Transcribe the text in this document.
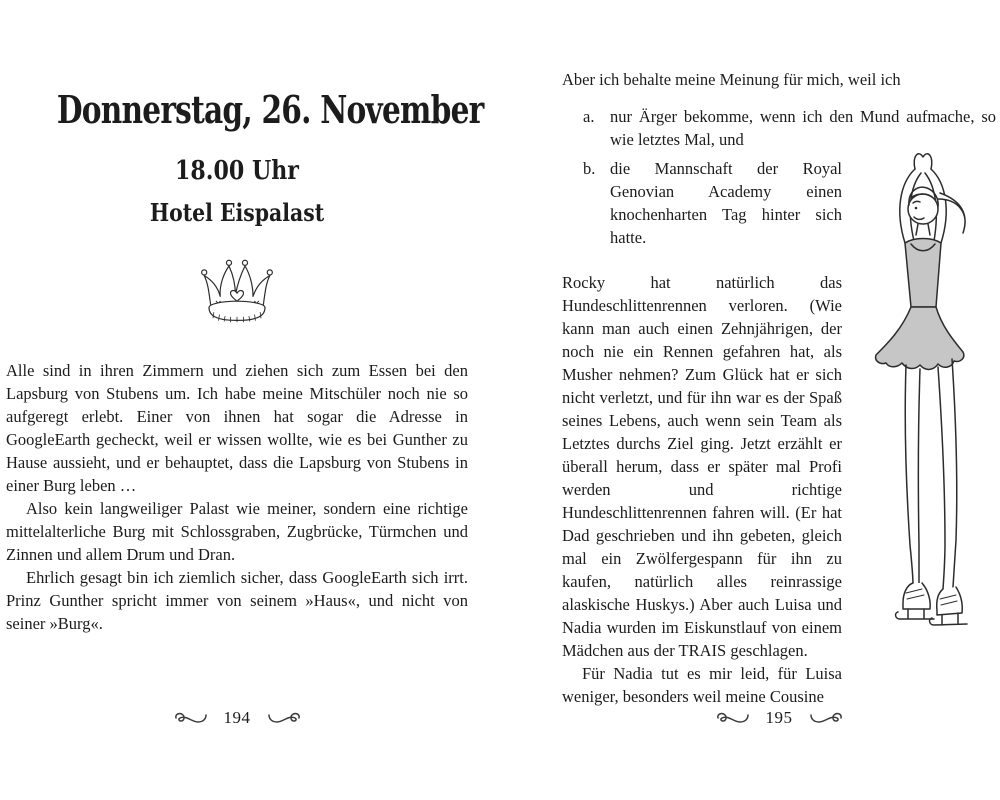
Donnerstag, 26. November
18.00 Uhr
Hotel Eispalast

Alle sind in ihren Zimmern und ziehen sich zum Essen bei den Lapsburg von Stubens um. Ich habe meine Mitschüler noch nie so aufgeregt erlebt. Einer von ihnen hat sogar die Adresse in GoogleEarth gecheckt, weil er wissen wollte, wie es bei Gunther zu Hause aussieht, und er behauptet, dass die Lapsburg von Stubens in einer Burg leben …

Also kein langweiliger Palast wie meiner, sondern eine richtige mittelalterliche Burg mit Schlossgraben, Zugbrücke, Türmchen und Zinnen und allem Drum und Dran.

Ehrlich gesagt bin ich ziemlich sicher, dass GoogleEarth sich irrt. Prinz Gunther spricht immer von seinem »Haus«, und nicht von seiner »Burg«.

194

Aber ich behalte meine Meinung für mich, weil ich

a. nur Ärger bekomme, wenn ich den Mund aufmache, so wie letztes Mal, und
b. die Mannschaft der Royal Genovian Academy einen knochenharten Tag hinter sich hatte.

Rocky hat natürlich das Hundeschlittenrennen verloren. (Wie kann man auch einen Zehnjährigen, der noch nie ein Rennen gefahren hat, als Musher nehmen? Zum Glück hat er sich nicht verletzt, und für ihn war es der Spaß seines Lebens, auch wenn sein Team als Letztes durchs Ziel ging. Jetzt erzählt er überall herum, dass er später mal Profi werden und richtige Hundeschlittenrennen fahren will. (Er hat Dad geschrieben und ihn gebeten, gleich mal ein Zwölfergespann für ihn zu kaufen, natürlich alles reinrassige alaskische Huskys.) Aber auch Luisa und Nadia wurden im Eiskunstlauf von einem Mädchen aus der TRAIS geschlagen.

Für Nadia tut es mir leid, für Luisa weniger, besonders weil meine Cousine

195
